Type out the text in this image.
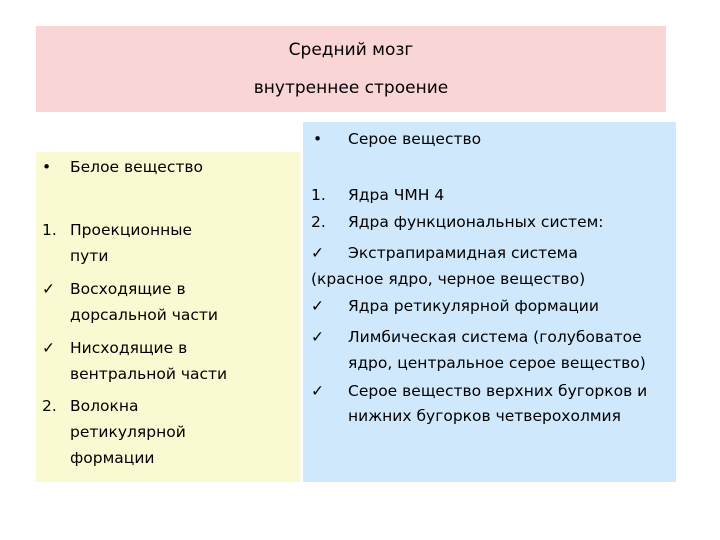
Средний мозг
внутреннее строение
• Белое вещество
1. Проекционные
пути
✓ Восходящие в
дорсальной части
✓ Нисходящие в
вентральной части
2. Волокна
ретикулярной
формации
• Серое вещество
1. Ядра ЧМН 4
2. Ядра функциональных систем:
✓ Экстрапирамидная система
(красное ядро, черное вещество)
✓ Ядра ретикулярной формации
✓ Лимбическая система (голубоватое
ядро, центральное серое вещество)
✓ Серое вещество верхних бугорков и
нижних бугорков четверохолмия
